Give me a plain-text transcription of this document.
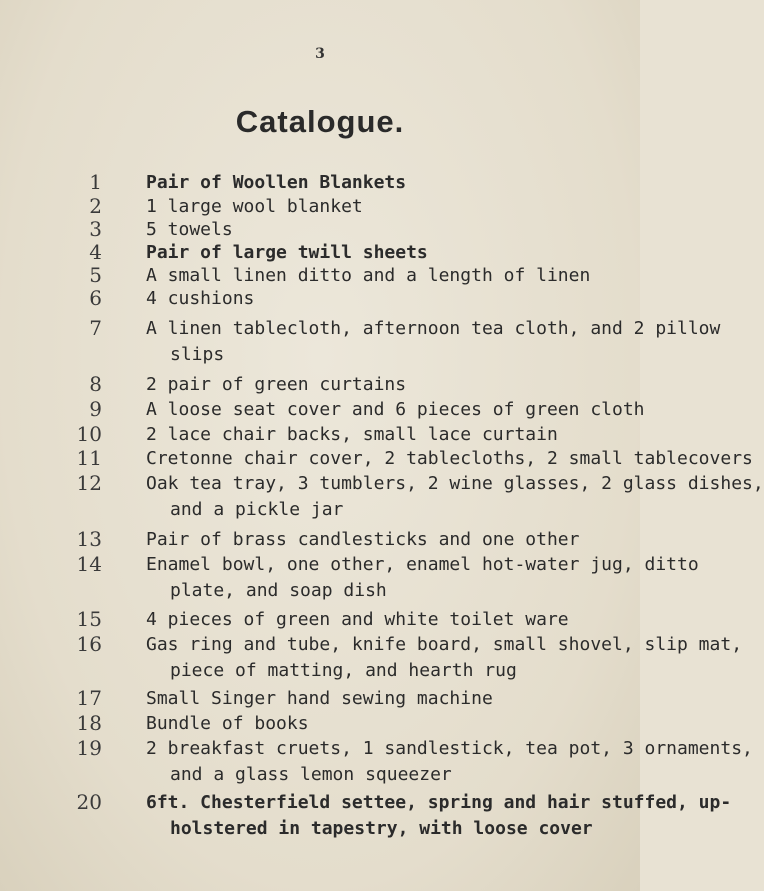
3
Catalogue.
1 Pair of Woollen Blankets
2 1 large wool blanket
3 5 towels
4 Pair of large twill sheets
5 A small linen ditto and a length of linen
6 4 cushions
7 A linen tablecloth, afternoon tea cloth, and 2 pillow
slips
8 2 pair of green curtains
9 A loose seat cover and 6 pieces of green cloth
10 2 lace chair backs, small lace curtain
11 Cretonne chair cover, 2 tablecloths, 2 small tablecovers
12 Oak tea tray, 3 tumblers, 2 wine glasses, 2 glass dishes,
and a pickle jar
13 Pair of brass candlesticks and one other
14 Enamel bowl, one other, enamel hot-water jug, ditto
plate, and soap dish
15 4 pieces of green and white toilet ware
16 Gas ring and tube, knife board, small shovel, slip mat,
piece of matting, and hearth rug
17 Small Singer hand sewing machine
18 Bundle of books
19 2 breakfast cruets, 1 sandlestick, tea pot, 3 ornaments,
and a glass lemon squeezer
20 6ft. Chesterfield settee, spring and hair stuffed, up-
holstered in tapestry, with loose cover
